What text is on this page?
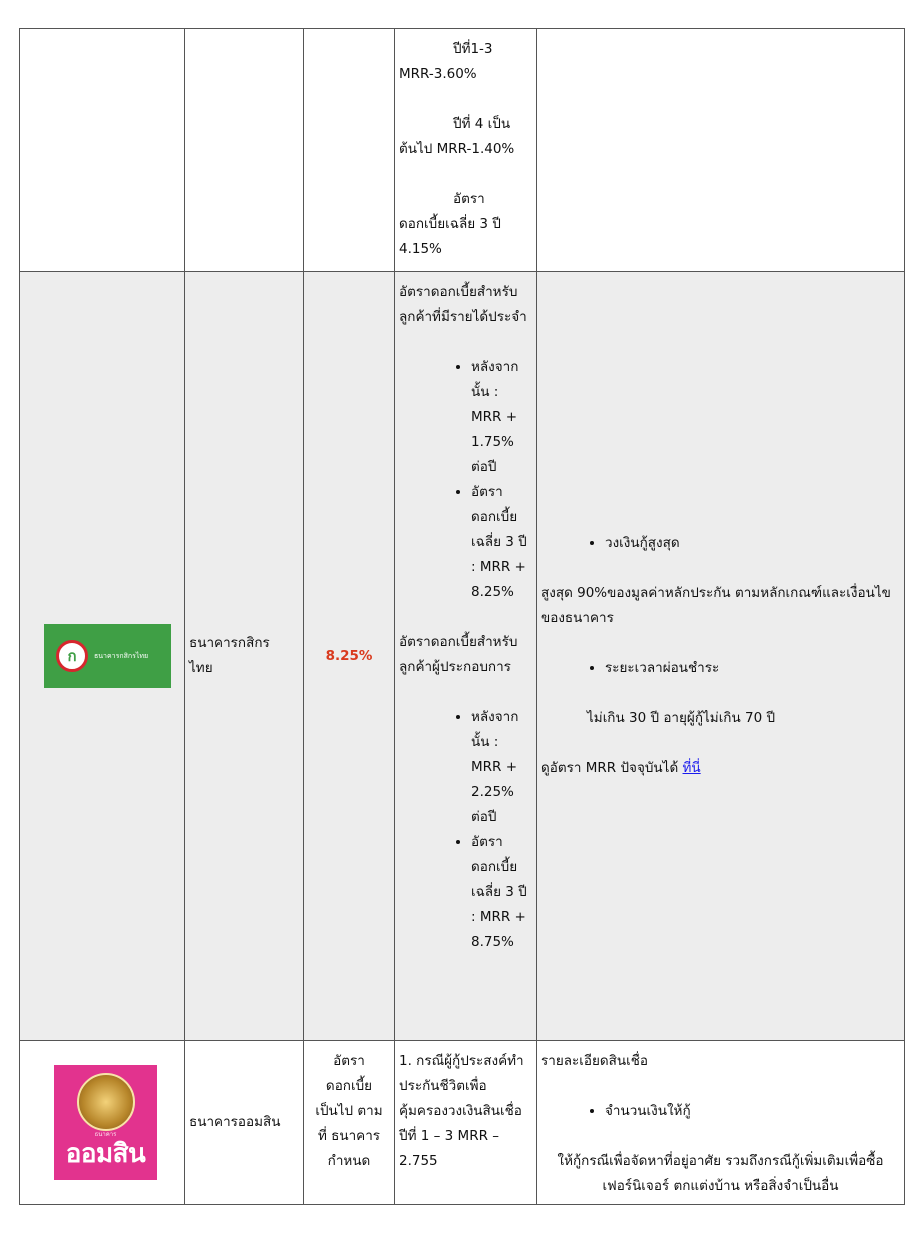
ปีที่1-3
MRR-3.60%
ปีที่ 4 เป็น
ต้นไป MRR-1.40%
อัตรา
ดอกเบี้ยเฉลี่ย 3 ปี
4.15%
ก	ธนาคารกสิกรไทย
ธนาคารกสิกร ไทย
8.25%
อัตราดอกเบี้ยสำหรับลูกค้าที่มีรายได้ประจำ
• หลังจาก นั้น : MRR + 1.75% ต่อปี
• อัตรา ดอกเบี้ย เฉลี่ย 3 ปี : MRR + 8.25%
อัตราดอกเบี้ยสำหรับลูกค้าผู้ประกอบการ
• หลังจาก นั้น : MRR + 2.25% ต่อปี
• อัตรา ดอกเบี้ย เฉลี่ย 3 ปี : MRR + 8.75%
• วงเงินกู้สูงสุด
สูงสุด 90%ของมูลค่าหลักประกัน ตามหลักเกณฑ์และเงื่อนไขของธนาคาร
• ระยะเวลาผ่อนชำระ
ไม่เกิน 30 ปี อายุผู้กู้ไม่เกิน 70 ปี
ดูอัตรา MRR ปัจจุบันได้ ที่นี่
ธนาคาร
ออมสิน
ธนาคารออมสิน
อัตรา ดอกเบี้ย เป็นไป ตามที่ ธนาคาร กำหนด
1. กรณีผู้กู้ประสงค์ทำประกันชีวิตเพื่อคุ้มครองวงเงินสินเชื่อ ปีที่ 1 – 3 MRR – 2.755
รายละเอียดสินเชื่อ
• จำนวนเงินให้กู้
ให้กู้กรณีเพื่อจัดหาที่อยู่อาศัย รวมถึงกรณีกู้เพิ่มเติมเพื่อซื้อเฟอร์นิเจอร์ ตกแต่งบ้าน หรือสิ่งจำเป็นอื่น
